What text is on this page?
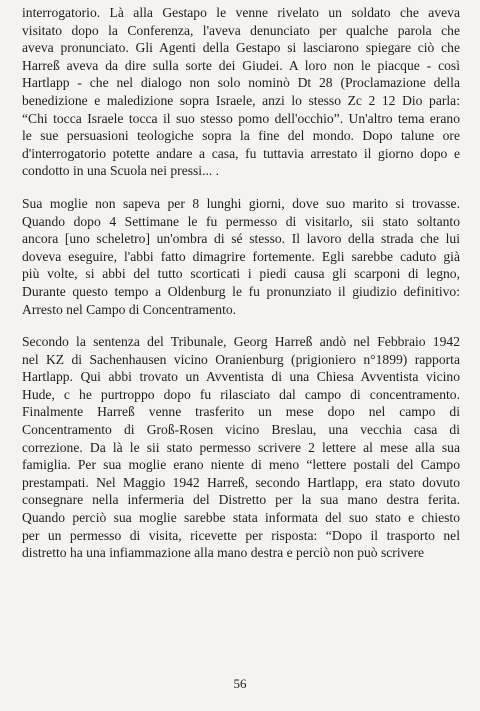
interrogatorio. Là alla Gestapo le venne rivelato un soldato che aveva
visitato dopo la Conferenza, l'aveva denunciato per qualche parola che
aveva pronunciato. Gli Agenti della Gestapo si lasciarono spiegare ciò che
Harreß aveva da dire sulla sorte dei Giudei. A loro non le piacque - così
Hartlapp - che nel dialogo non solo nominò Dt 28 (Proclamazione della
benedizione e maledizione sopra Israele, anzi lo stesso Zc 2 12 Dio parla:
“Chi tocca Israele tocca il suo stesso pomo dell'occhio”. Un'altro tema erano
le sue persuasioni teologiche sopra la fine del mondo. Dopo talune ore
d'interrogatorio potette andare a casa, fu tuttavia arrestato il giorno dopo e
condotto in una Scuola nei pressi... .
Sua moglie non sapeva per 8 lunghi giorni, dove suo marito si trovasse.
Quando dopo 4 Settimane le fu permesso di visitarlo, sii stato soltanto
ancora [uno scheletro] un'ombra di sé stesso. Il lavoro della strada che lui
doveva eseguire, l'abbi fatto dimagrire fortemente. Egli sarebbe caduto già
più volte, si abbi del tutto scorticati i piedi causa gli scarponi di legno,
Durante questo tempo a Oldenburg le fu pronunziato il giudizio definitivo:
Arresto nel Campo di Concentramento.
Secondo la sentenza del Tribunale, Georg Harreß andò nel Febbraio 1942
nel KZ di Sachenhausen vicino Oranienburg (prigioniero n°1899) rapporta
Hartlapp. Qui abbi trovato un Avventista di una Chiesa Avventista vicino
Hude, c he purtroppo dopo fu rilasciato dal campo di concentramento.
Finalmente Harreß venne trasferito un mese dopo nel campo di
Concentramento di Groß-Rosen vicino Breslau, una vecchia casa di
correzione. Da là le sii stato permesso scrivere 2 lettere al mese alla sua
famiglia. Per sua moglie erano niente di meno “lettere postali del Campo
prestampati. Nel Maggio 1942 Harreß, secondo Hartlapp, era stato dovuto
consegnare nella infermeria del Distretto per la sua mano destra ferita.
Quando perciò sua moglie sarebbe stata informata del suo stato e chiesto
per un permesso di visita, ricevette per risposta: “Dopo il trasporto nel
distretto ha una infiammazione alla mano destra e perciò non può scrivere
56
